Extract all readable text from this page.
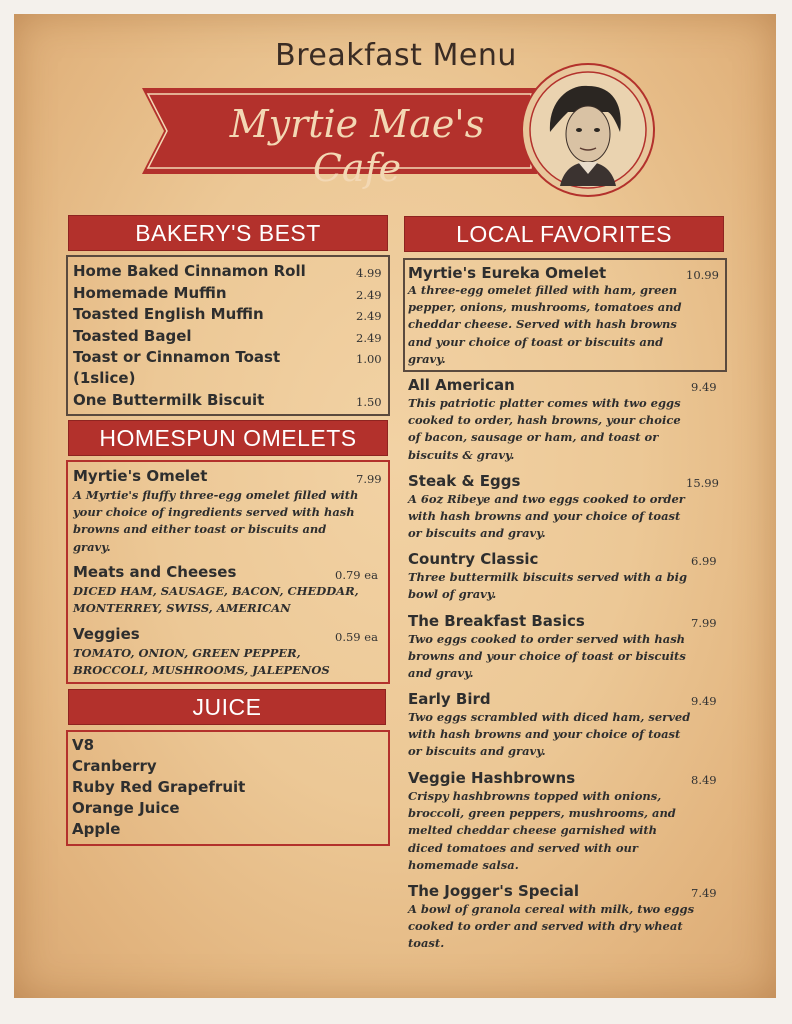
Breakfast Menu
Myrtie Mae's Cafe
BAKERY'S BEST
Home Baked Cinnamon Roll	4.99
Homemade Muffin	2.49
Toasted English Muffin	2.49
Toasted Bagel	2.49
Toast or Cinnamon Toast	1.00
(1slice)
One Buttermilk Biscuit	1.50
HOMESPUN OMELETS
Myrtie's Omelet	7.99
A Myrtie's fluffy three-egg omelet filled with
your choice of ingredients served with hash
browns and either toast or biscuits and
gravy.
Meats and Cheeses	0.79 ea
DICED HAM, SAUSAGE, BACON, CHEDDAR,
MONTERREY, SWISS, AMERICAN
Veggies	0.59 ea
TOMATO, ONION, GREEN PEPPER,
BROCCOLI, MUSHROOMS, JALEPENOS
JUICE
V8
Cranberry
Ruby Red Grapefruit
Orange Juice
Apple
LOCAL FAVORITES
Myrtie's Eureka Omelet	10.99
A three-egg omelet filled with ham, green
pepper, onions, mushrooms, tomatoes and
cheddar cheese. Served with hash browns
and your choice of toast or biscuits and
gravy.
All American	9.49
This patriotic platter comes with two eggs
cooked to order, hash browns, your choice
of bacon, sausage or ham, and toast or
biscuits & gravy.
Steak & Eggs	15.99
A 6oz Ribeye and two eggs cooked to order
with hash browns and your choice of toast
or biscuits and gravy.
Country Classic	6.99
Three buttermilk biscuits served with a big
bowl of gravy.
The Breakfast Basics	7.99
Two eggs cooked to order served with hash
browns and your choice of toast or biscuits
and gravy.
Early Bird	9.49
Two eggs scrambled with diced ham, served
with hash browns and your choice of toast
or biscuits and gravy.
Veggie Hashbrowns	8.49
Crispy hashbrowns topped with onions,
broccoli, green peppers, mushrooms, and
melted cheddar cheese garnished with
diced tomatoes and served with our
homemade salsa.
The Jogger's Special	7.49
A bowl of granola cereal with milk, two eggs
cooked to order and served with dry wheat
toast.
